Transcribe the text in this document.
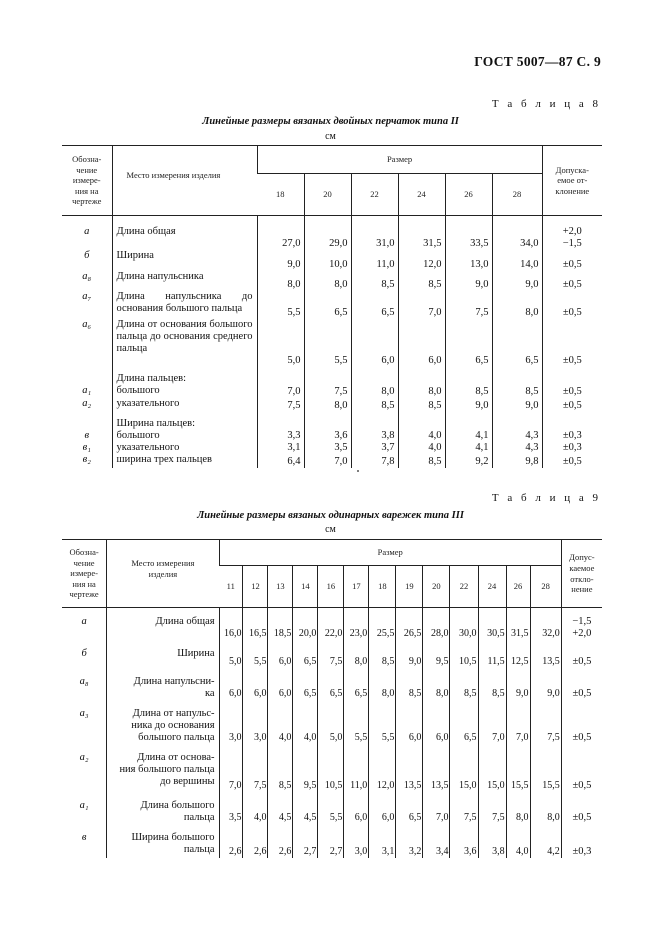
ГОСТ 5007—87 С. 9
Т а б л и ц а 8
Линейные размеры вязаных двойных перчаток типа II
см
Обозна-
чение
измере-
ния на
чертеже	Место измерения изделия	Размер						Допуска-
емое от-
клонение
		18	20	22	24	26	28	
а	Длина общая	27,0	29,0	31,0	31,5	33,5	34,0	+2,0
−1,5
б	Ширина	9,0	10,0	11,0	12,0	13,0	14,0	±0,5
а₈	Длина напульсника	8,0	8,0	8,5	8,5	9,0	9,0	±0,5
а₇	Длина напульсника до основания большого пальца	5,5	6,5	6,5	7,0	7,5	8,0	±0,5
а₆	Длина от основания большого пальца до основания среднего пальца	5,0	5,5	6,0	6,0	6,5	6,5	±0,5
	Длина пальцев:							
а₁	большого	7,0	7,5	8,0	8,0	8,5	8,5	±0,5
а₂	указательного	7,5	8,0	8,5	8,5	9,0	9,0	±0,5
	Ширина пальцев:							
в	большого	3,3	3,6	3,8	4,0	4,1	4,3	±0,3
в₁	указательного	3,1	3,5	3,7	4,0	4,1	4,3	±0,3
в₂	ширина трех пальцев	6,4	7,0	7,8	8,5	9,2	9,8	±0,5
Т а б л и ц а 9
Линейные размеры вязаных одинарных варежек типа III
см
Обозна-
чение
измере-
ния на
чертеже	Место измерения
изделия	Размер													Допус-
каемое
откло-
нение
		11	12	13	14	16	17	18	19	20	22	24	26	28	
а	Длина общая	16,0	16,5	18,5	20,0	22,0	23,0	25,5	26,5	28,0	30,0	30,5	31,5	32,0	−1,5
+2,0
б	Ширина	5,0	5,5	6,0	6,5	7,5	8,0	8,5	9,0	9,5	10,5	11,5	12,5	13,5	±0,5
а₈	Длина напульсни-
ка	6,0	6,0	6,0	6,5	6,5	6,5	8,0	8,5	8,0	8,5	8,5	9,0	9,0	±0,5
а₃	Длина от напульс-
ника до основания
большого пальца	3,0	3,0	4,0	4,0	5,0	5,5	5,5	6,0	6,0	6,5	7,0	7,0	7,5	±0,5
а₂	Длина от основа-
ния большого пальца
до вершины	7,0	7,5	8,5	9,5	10,5	11,0	12,0	13,5	13,5	15,0	15,0	15,5	15,5	±0,5
а₁	Длина большого
пальца	3,5	4,0	4,5	4,5	5,5	6,0	6,0	6,5	7,0	7,5	7,5	8,0	8,0	±0,5
в	Ширина большого
пальца	2,6	2,6	2,6	2,7	2,7	3,0	3,1	3,2	3,4	3,6	3,8	4,0	4,2	±0,3
